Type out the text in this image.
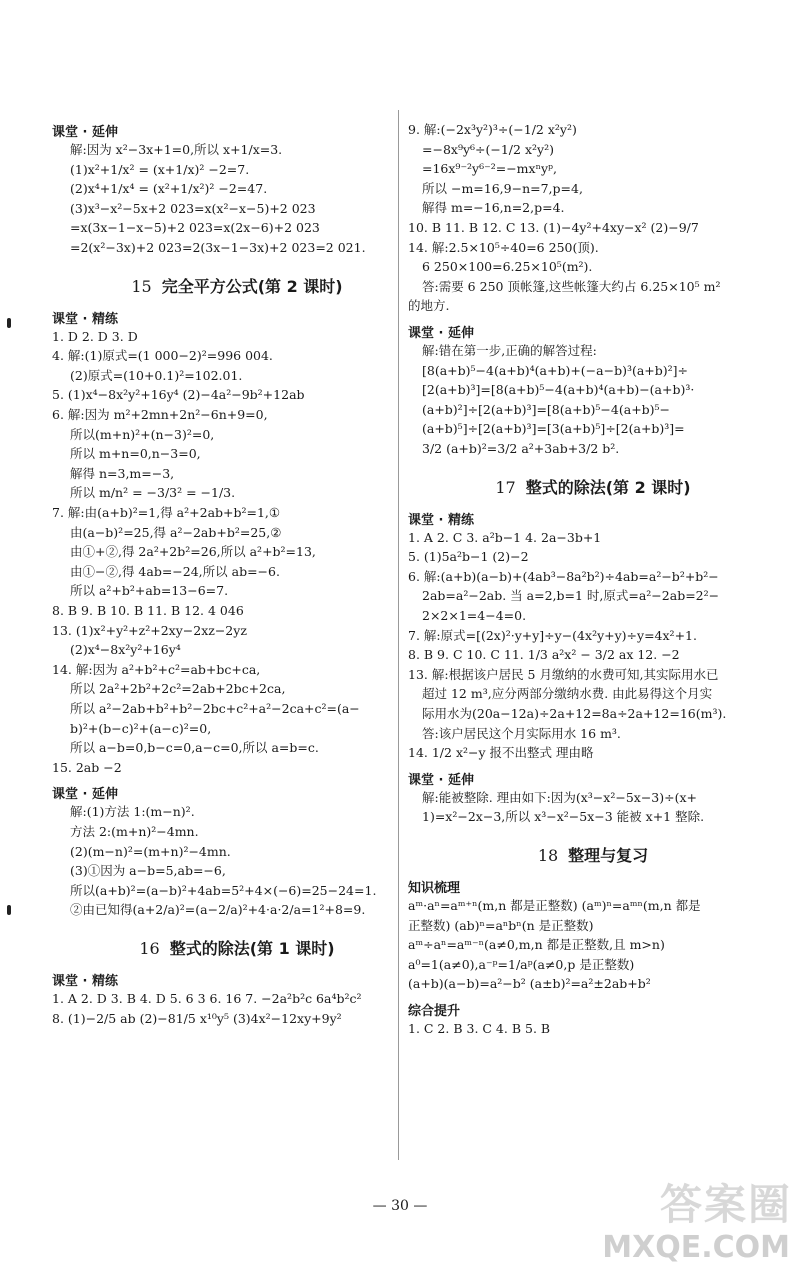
课堂 · 延伸
解:因为 x²−3x+1=0,所以 x+1/x=3.
(1)x²+1/x² = (x+1/x)² −2=7.
(2)x⁴+1/x⁴ = (x²+1/x²)² −2=47.
(3)x³−x²−5x+2 023=x(x²−x−5)+2 023
=x(3x−1−x−5)+2 023=x(2x−6)+2 023
=2(x²−3x)+2 023=2(3x−1−3x)+2 023=2 021.
15 完全平方公式(第 2 课时)
课堂 · 精练
1. D 2. D 3. D
4. 解:(1)原式=(1 000−2)²=996 004.
(2)原式=(10+0.1)²=102.01.
5. (1)x⁴−8x²y²+16y⁴ (2)−4a²−9b²+12ab
6. 解:因为 m²+2mn+2n²−6n+9=0,
所以(m+n)²+(n−3)²=0,
所以 m+n=0,n−3=0,
解得 n=3,m=−3,
所以 m/n² = −3/3² = −1/3.
7. 解:由(a+b)²=1,得 a²+2ab+b²=1,①
由(a−b)²=25,得 a²−2ab+b²=25,②
由①+②,得 2a²+2b²=26,所以 a²+b²=13,
由①−②,得 4ab=−24,所以 ab=−6.
所以 a²+b²+ab=13−6=7.
8. B 9. B 10. B 11. B 12. 4 046
13. (1)x²+y²+z²+2xy−2xz−2yz
(2)x⁴−8x²y²+16y⁴
14. 解:因为 a²+b²+c²=ab+bc+ca,
所以 2a²+2b²+2c²=2ab+2bc+2ca,
所以 a²−2ab+b²+b²−2bc+c²+a²−2ca+c²=(a−
b)²+(b−c)²+(a−c)²=0,
所以 a−b=0,b−c=0,a−c=0,所以 a=b=c.
15. 2ab −2
课堂 · 延伸
解:(1)方法 1:(m−n)².
方法 2:(m+n)²−4mn.
(2)(m−n)²=(m+n)²−4mn.
(3)①因为 a−b=5,ab=−6,
所以(a+b)²=(a−b)²+4ab=5²+4×(−6)=25−24=1.
②由已知得(a+2/a)²=(a−2/a)²+4·a·2/a=1²+8=9.
16 整式的除法(第 1 课时)
课堂 · 精练
1. A 2. D 3. B 4. D 5. 6 3 6. 16 7. −2a²b²c 6a⁴b²c²
8. (1)−2/5 ab (2)−81/5 x¹⁰y⁵ (3)4x²−12xy+9y²
9. 解:(−2x³y²)³÷(−1/2 x²y²)
=−8x⁹y⁶÷(−1/2 x²y²)
=16x⁹⁻²y⁶⁻²=−mxⁿyᵖ,
所以 −m=16,9−n=7,p=4,
解得 m=−16,n=2,p=4.
10. B 11. B 12. C 13. (1)−4y²+4xy−x² (2)−9/7
14. 解:2.5×10⁵÷40=6 250(顶).
6 250×100=6.25×10⁵(m²).
答:需要 6 250 顶帐篷,这些帐篷大约占 6.25×10⁵ m²
的地方.
课堂 · 延伸
解:错在第一步,正确的解答过程:
[8(a+b)⁵−4(a+b)⁴(a+b)+(−a−b)³(a+b)²]÷
[2(a+b)³]=[8(a+b)⁵−4(a+b)⁴(a+b)−(a+b)³·
(a+b)²]÷[2(a+b)³]=[8(a+b)⁵−4(a+b)⁵−
(a+b)⁵]÷[2(a+b)³]=[3(a+b)⁵]÷[2(a+b)³]=
3/2 (a+b)²=3/2 a²+3ab+3/2 b².
17 整式的除法(第 2 课时)
课堂 · 精练
1. A 2. C 3. a²b−1 4. 2a−3b+1
5. (1)5a²b−1 (2)−2
6. 解:(a+b)(a−b)+(4ab³−8a²b²)÷4ab=a²−b²+b²−
2ab=a²−2ab. 当 a=2,b=1 时,原式=a²−2ab=2²−
2×2×1=4−4=0.
7. 解:原式=[(2x)²·y+y]÷y−(4x²y+y)÷y=4x²+1.
8. B 9. C 10. C 11. 1/3 a²x² − 3/2 ax 12. −2
13. 解:根据该户居民 5 月缴纳的水费可知,其实际用水已
超过 12 m³,应分两部分缴纳水费. 由此易得这个月实
际用水为(20a−12a)÷2a+12=8a÷2a+12=16(m³).
答:该户居民这个月实际用水 16 m³.
14. 1/2 x²−y 报不出整式 理由略
课堂 · 延伸
解:能被整除. 理由如下:因为(x³−x²−5x−3)÷(x+
1)=x²−2x−3,所以 x³−x²−5x−3 能被 x+1 整除.
18 整理与复习
知识梳理
aᵐ·aⁿ=aᵐ⁺ⁿ(m,n 都是正整数) (aᵐ)ⁿ=aᵐⁿ(m,n 都是
正整数) (ab)ⁿ=aⁿbⁿ(n 是正整数)
aᵐ÷aⁿ=aᵐ⁻ⁿ(a≠0,m,n 都是正整数,且 m>n)
a⁰=1(a≠0),a⁻ᵖ=1/aᵖ(a≠0,p 是正整数)
(a+b)(a−b)=a²−b² (a±b)²=a²±2ab+b²
综合提升
1. C 2. B 3. C 4. B 5. B
— 30 —	答案圈
MXQE.COM
